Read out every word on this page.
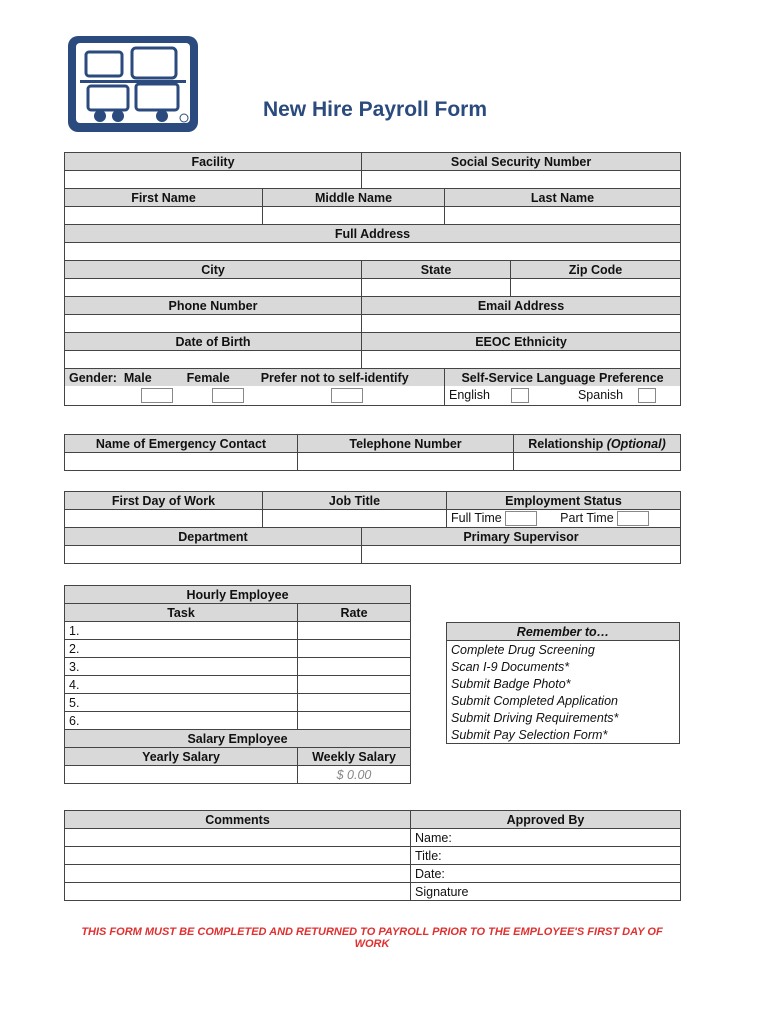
New Hire Payroll Form
Facility		Social Security Number		

First Name	Middle Name		Last Name	

Full Address				

City		State		Zip Code

Phone Number		Email Address		

Date of Birth		EEOC Ethnicity		

Gender: Male Female Prefer not to self-identify			Self-Service Language Preference	
			English Spanish	
Name of Emergency Contact	Telephone Number	Relationship (Optional)

First Day of Work	Job Title		Employment Status
			Full Time Part Time
Department		Primary Supervisor	

Hourly Employee	
Task	Rate
1.	
2.	
3.	
4.	
5.	
6.	
Salary Employee	
Yearly Salary	Weekly Salary
	$ 0.00
Remember to…
Complete Drug Screening
Scan I-9 Documents*
Submit Badge Photo*
Submit Completed Application
Submit Driving Requirements*
Submit Pay Selection Form*
Comments	Approved By
	Name:
	Title:
	Date:
	Signature
THIS FORM MUST BE COMPLETED AND RETURNED TO PAYROLL PRIOR TO THE EMPLOYEE'S FIRST DAY OF WORK
